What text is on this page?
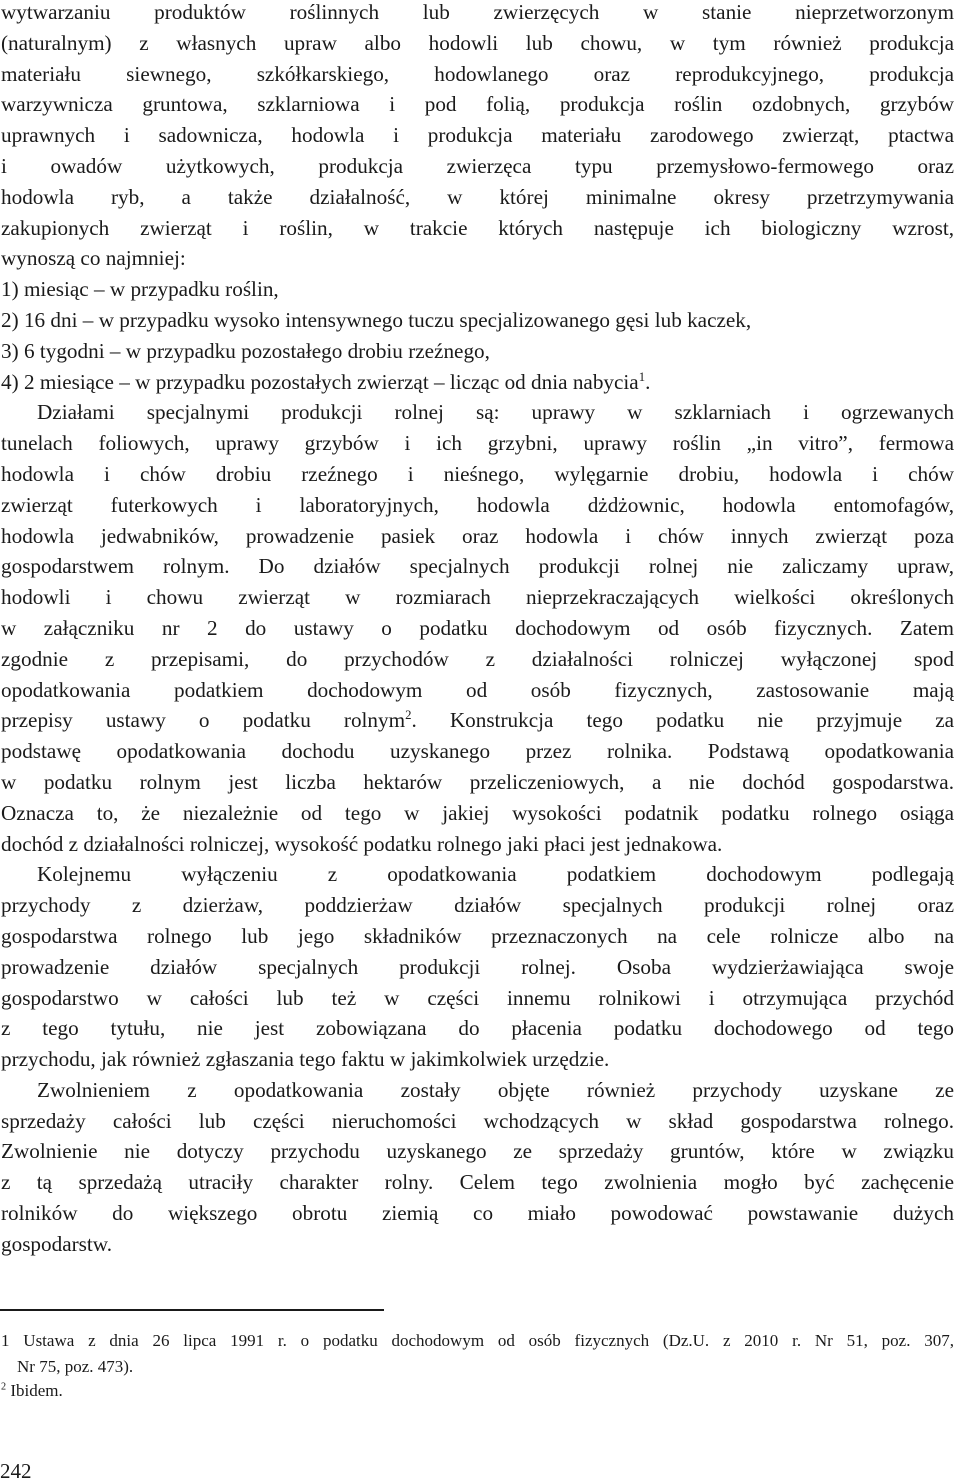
wytwarzaniu produktów roślinnych lub zwierzęcych w stanie nieprzetworzonym
(naturalnym) z własnych upraw albo hodowli lub chowu, w tym również produkcja
materiału siewnego, szkółkarskiego, hodowlanego oraz reprodukcyjnego, produkcja
warzywnicza gruntowa, szklarniowa i pod folią, produkcja roślin ozdobnych, grzybów
uprawnych i sadownicza, hodowla i produkcja materiału zarodowego zwierząt, ptactwa
i owadów użytkowych, produkcja zwierzęca typu przemysłowo-fermowego oraz
hodowla ryb, a także działalność, w której minimalne okresy przetrzymywania
zakupionych zwierząt i roślin, w trakcie których następuje ich biologiczny wzrost,
wynoszą co najmniej:
1) miesiąc – w przypadku roślin,
2) 16 dni – w przypadku wysoko intensywnego tuczu specjalizowanego gęsi lub kaczek,
3) 6 tygodni – w przypadku pozostałego drobiu rzeźnego,
4) 2 miesiące – w przypadku pozostałych zwierząt – licząc od dnia nabycia$^1$.
Działami specjalnymi produkcji rolnej są: uprawy w szklarniach i ogrzewanych
tunelach foliowych, uprawy grzybów i ich grzybni, uprawy roślin „in vitro”, fermowa
hodowla i chów drobiu rzeźnego i nieśnego, wylęgarnie drobiu, hodowla i chów
zwierząt futerkowych i laboratoryjnych, hodowla dżdżownic, hodowla entomofagów,
hodowla jedwabników, prowadzenie pasiek oraz hodowla i chów innych zwierząt poza
gospodarstwem rolnym. Do działów specjalnych produkcji rolnej nie zaliczamy upraw,
hodowli i chowu zwierząt w rozmiarach nieprzekraczających wielkości określonych
w załączniku nr 2 do ustawy o podatku dochodowym od osób fizycznych. Zatem
zgodnie z przepisami, do przychodów z działalności rolniczej wyłączonej spod
opodatkowania podatkiem dochodowym od osób fizycznych, zastosowanie mają
przepisy ustawy o podatku rolnym$^2$. Konstrukcja tego podatku nie przyjmuje za
podstawę opodatkowania dochodu uzyskanego przez rolnika. Podstawą opodatkowania
w podatku rolnym jest liczba hektarów przeliczeniowych, a nie dochód gospodarstwa.
Oznacza to, że niezależnie od tego w jakiej wysokości podatnik podatku rolnego osiąga
dochód z działalności rolniczej, wysokość podatku rolnego jaki płaci jest jednakowa.
Kolejnemu wyłączeniu z opodatkowania podatkiem dochodowym podlegają
przychody z dzierżaw, poddzierżaw działów specjalnych produkcji rolnej oraz
gospodarstwa rolnego lub jego składników przeznaczonych na cele rolnicze albo na
prowadzenie działów specjalnych produkcji rolnej. Osoba wydzierżawiająca swoje
gospodarstwo w całości lub też w części innemu rolnikowi i otrzymująca przychód
z tego tytułu, nie jest zobowiązana do płacenia podatku dochodowego od tego
przychodu, jak również zgłaszania tego faktu w jakimkolwiek urzędzie.
Zwolnieniem z opodatkowania zostały objęte również przychody uzyskane ze
sprzedaży całości lub części nieruchomości wchodzących w skład gospodarstwa rolnego.
Zwolnienie nie dotyczy przychodu uzyskanego ze sprzedaży gruntów, które w związku
z tą sprzedażą utraciły charakter rolny. Celem tego zwolnienia mogło być zachęcenie
rolników do większego obrotu ziemią co miało powodować powstawanie dużych
gospodarstw.
1 Ustawa z dnia 26 lipca 1991 r. o podatku dochodowym od osób fizycznych (Dz.U. z 2010 r. Nr 51, poz. 307,
Nr 75, poz. 473).
$^2$ Ibidem.
242
